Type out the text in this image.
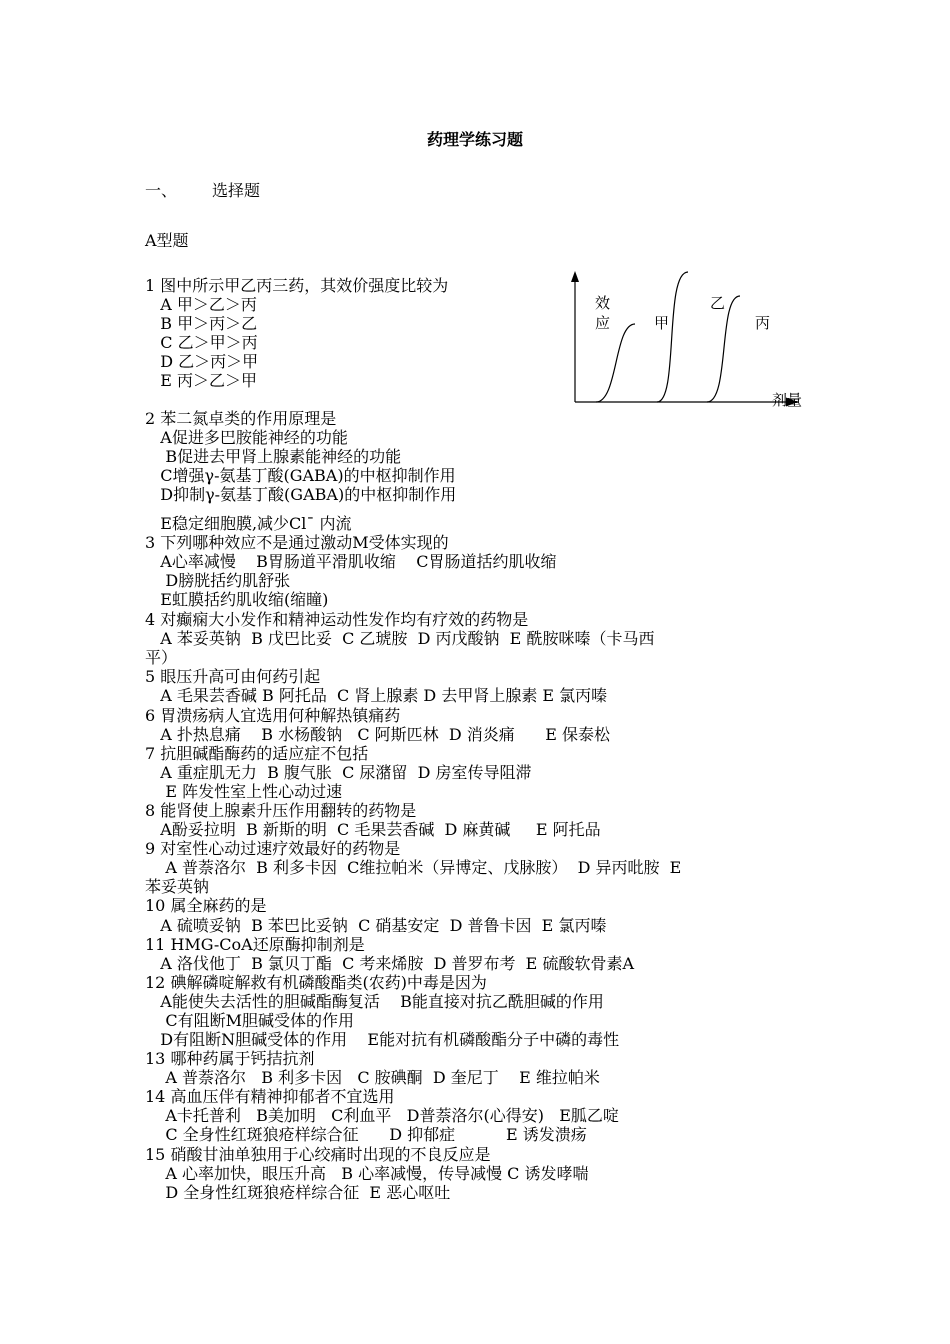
药理学练习题
一、 选择题
A型题
1 图中所示甲乙丙三药，其效价强度比较为
A 甲＞乙＞丙
B 甲＞丙＞乙
C 乙＞甲＞丙
D 乙＞丙＞甲
E 丙＞乙＞甲
2 苯二氮卓类的作用原理是
A促进多巴胺能神经的功能
B促进去甲肾上腺素能神经的功能
C增强γ-氨基丁酸(GABA)的中枢抑制作用
D抑制γ-氨基丁酸(GABA)的中枢抑制作用
E稳定细胞膜,减少Cl¯ 内流
3 下列哪种效应不是通过激动M受体实现的
A心率减慢    B胃肠道平滑肌收缩    C胃肠道括约肌收缩
D膀胱括约肌舒张
E虹膜括约肌收缩(缩瞳)
4 对癫痫大小发作和精神运动性发作均有疗效的药物是
A 苯妥英钠  B 戊巴比妥  C 乙琥胺  D 丙戊酸钠  E 酰胺咪嗪（卡马西
平）
5 眼压升高可由何药引起
A 毛果芸香碱 B 阿托品  C 肾上腺素 D 去甲肾上腺素 E 氯丙嗪
6 胃溃疡病人宜选用何种解热镇痛药
A 扑热息痛    B 水杨酸钠   C 阿斯匹林  D 消炎痛      E 保泰松
7 抗胆碱酯酶药的适应症不包括
A 重症肌无力  B 腹气胀  C 尿潴留  D 房室传导阻滞
E 阵发性室上性心动过速
8 能肾使上腺素升压作用翻转的药物是
A酚妥拉明  B 新斯的明  C 毛果芸香碱  D 麻黄碱     E 阿托品
9 对室性心动过速疗效最好的药物是
A 普萘洛尔  B 利多卡因  C维拉帕米（异博定、戊脉胺）  D 异丙吡胺  E
苯妥英钠
10 属全麻药的是
A 硫喷妥钠  B 苯巴比妥钠  C 硝基安定  D 普鲁卡因  E 氯丙嗪
11 HMG-CoA还原酶抑制剂是
A 洛伐他丁  B 氯贝丁酯  C 考来烯胺  D 普罗布考  E 硫酸软骨素A
12 碘解磷啶解救有机磷酸酯类(农药)中毒是因为
A能使失去活性的胆碱酯酶复活    B能直接对抗乙酰胆碱的作用
C有阻断M胆碱受体的作用
D有阻断N胆碱受体的作用    E能对抗有机磷酸酯分子中磷的毒性
13 哪种药属于钙拮抗剂
A 普萘洛尔   B 利多卡因   C 胺碘酮  D 奎尼丁    E 维拉帕米
14 高血压伴有精神抑郁者不宜选用
A卡托普利   B美加明   C利血平   D普萘洛尔(心得安)   E胍乙啶
C 全身性红斑狼疮样综合征      D 抑郁症          E 诱发溃疡
15 硝酸甘油单独用于心绞痛时出现的不良反应是
A 心率加快，眼压升高   B 心率减慢，传导减慢 C 诱发哮喘
D 全身性红斑狼疮样综合征  E 恶心呕吐
效
应	甲
乙
丙
剂量
